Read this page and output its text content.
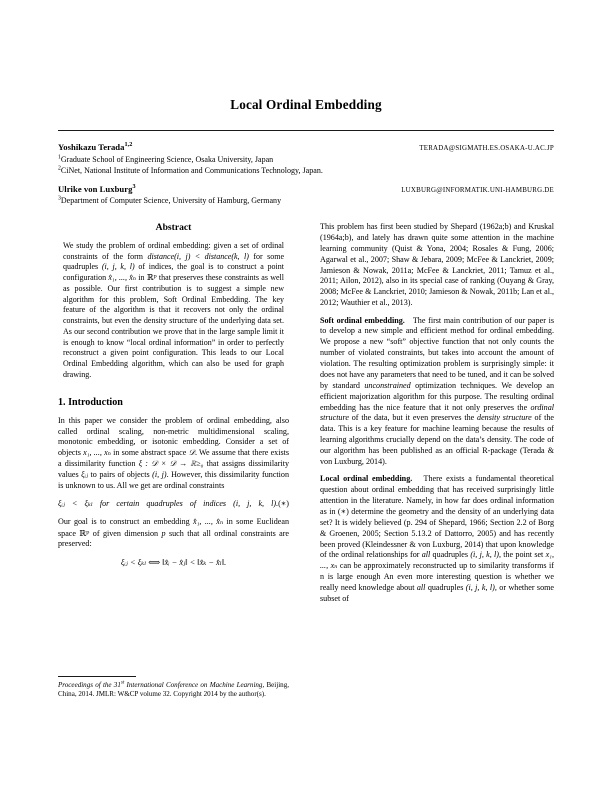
Local Ordinal Embedding
Yoshikazu Terada$^{1,2}$
TERADA@SIGMATH.ES.OSAKA-U.AC.JP
$^1$Graduate School of Engineering Science, Osaka University, Japan
$^2$CiNet, National Institute of Information and Communications Technology, Japan.
Ulrike von Luxburg$^3$
LUXBURG@INFORMATIK.UNI-HAMBURG.DE
$^3$Department of Computer Science, University of Hamburg, Germany
Abstract

We study the problem of ordinal embedding: given a set of ordinal constraints of the form distance(i, j) < distance(k, l) for some quadruples (i, j, k, l) of indices, the goal is to construct a point configuration x̂₁, ..., x̂ₙ in ℝᵖ that preserves these constraints as well as possible. Our first contribution is to suggest a simple new algorithm for this problem, Soft Ordinal Embedding. The key feature of the algorithm is that it recovers not only the ordinal constraints, but even the density structure of the underlying data set. As our second contribution we prove that in the large sample limit it is enough to know “local ordinal information” in order to perfectly reconstruct a given point configuration. This leads to our Local Ordinal Embedding algorithm, which can also be used for graph drawing.

1. Introduction

In this paper we consider the problem of ordinal embedding, also called ordinal scaling, non-metric multidimensional scaling, monotonic embedding, or isotonic embedding. Consider a set of objects x₁, ..., xₙ in some abstract space 𝒟. We assume that there exists a dissimilarity function ξ : 𝒟 × 𝒟 → ℝ≥₀ that assigns dissimilarity values ξᵢⱼ to pairs of objects (i, j). However, this dissimilarity function is unknown to us. All we get are ordinal constraints

ξᵢⱼ < ξₖₗ for certain quadruples of indices (i, j, k, l).(∗)

Our goal is to construct an embedding x̂₁, ..., x̂ₙ in some Euclidean space ℝᵖ of given dimension p such that all ordinal constraints are preserved:

ξᵢⱼ < ξₖₗ ⟺ ‖x̂ᵢ − x̂ⱼ‖ < ‖x̂ₖ − x̂ₗ‖.

This problem has first been studied by Shepard (1962a;b) and Kruskal (1964a;b), and lately has drawn quite some attention in the machine learning community (Quist & Yona, 2004; Rosales & Fung, 2006; Agarwal et al., 2007; Shaw & Jebara, 2009; McFee & Lanckriet, 2009; Jamieson & Nowak, 2011a; McFee & Lanckriet, 2011; Tamuz et al., 2011; Ailon, 2012), also in its special case of ranking (Ouyang & Gray, 2008; McFee & Lanckriet, 2010; Jamieson & Nowak, 2011b; Lan et al., 2012; Wauthier et al., 2013).

Soft ordinal embedding. The first main contribution of our paper is to develop a new simple and efficient method for ordinal embedding. We propose a new “soft” objective function that not only counts the number of violated constraints, but takes into account the amount of violation. The resulting optimization problem is surprisingly simple: it does not have any parameters that need to be tuned, and it can be solved by standard unconstrained optimization techniques. We develop an efficient majorization algorithm for this purpose. The resulting ordinal embedding has the nice feature that it not only preserves the ordinal structure of the data, but it even preserves the density structure of the data. This is a key feature for machine learning because the results of learning algorithms crucially depend on the data’s density. The code of our algorithm has been published as an official R-package (Terada & von Luxburg, 2014).

Local ordinal embedding. There exists a fundamental theoretical question about ordinal embedding that has received surprisingly little attention in the literature. Namely, in how far does ordinal information as in (∗) determine the geometry and the density of an underlying data set? It is widely believed (p. 294 of Shepard, 1966; Section 2.2 of Borg & Groenen, 2005; Section 5.13.2 of Dattorro, 2005) and has recently been proved (Kleindessner & von Luxburg, 2014) that upon knowledge of the ordinal relationships for all quadruples (i, j, k, l), the point set x₁, ..., xₙ can be approximately reconstructed up to similarity transforms if n is large enough An even more interesting question is whether we really need knowledge about all quadruples (i, j, k, l), or whether some subset of

Proceedings of the 31st International Conference on Machine Learning, Beijing, China, 2014. JMLR: W&CP volume 32. Copyright 2014 by the author(s).
